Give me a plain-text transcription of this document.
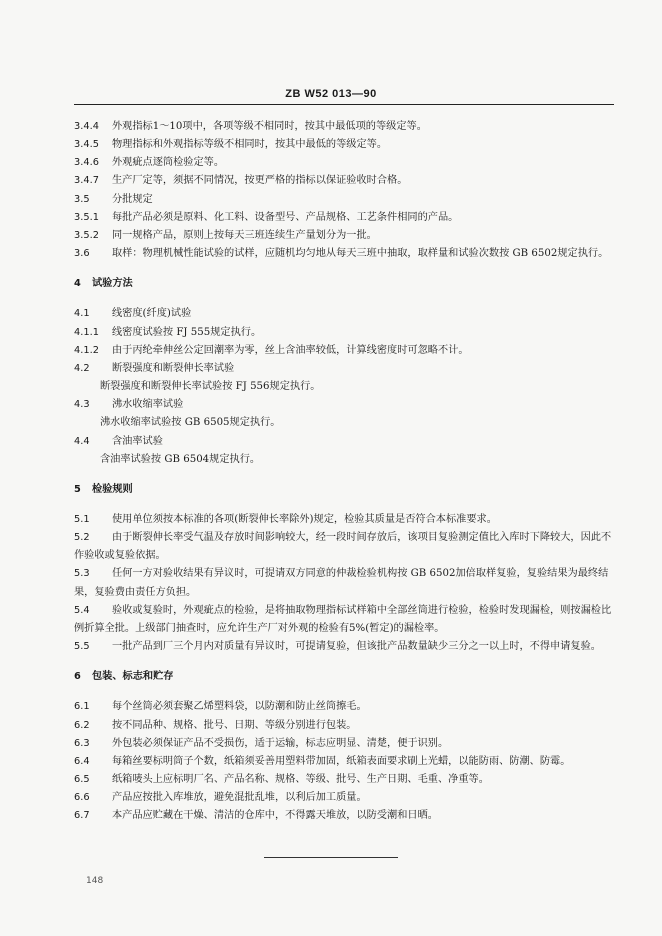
ZB W52 013—90
3.4.4 外观指标1～10项中，各项等级不相同时，按其中最低项的等级定等。
3.4.5 物理指标和外观指标等级不相同时，按其中最低的等级定等。
3.4.6 外观疵点逐筒检验定等。
3.4.7 生产厂定等，须据不同情况，按更严格的指标以保证验收时合格。
3.5 分批规定
3.5.1 每批产品必须是原料、化工料、设备型号、产品规格、工艺条件相同的产品。
3.5.2 同一规格产品，原则上按每天三班连续生产量划分为一批。
3.6 取样：物理机械性能试验的试样，应随机均匀地从每天三班中抽取，取样量和试验次数按 GB 6502规定执行。
4 试验方法
4.1 线密度(纤度)试验
4.1.1 线密度试验按 FJ 555规定执行。
4.1.2 由于丙纶牵伸丝公定回潮率为零，丝上含油率较低，计算线密度时可忽略不计。
4.2 断裂强度和断裂伸长率试验
断裂强度和断裂伸长率试验按 FJ 556规定执行。
4.3 沸水收缩率试验
沸水收缩率试验按 GB 6505规定执行。
4.4 含油率试验
含油率试验按 GB 6504规定执行。
5 检验规则
5.1 使用单位须按本标准的各项(断裂伸长率除外)规定，检验其质量是否符合本标准要求。
5.2 由于断裂伸长率受气温及存放时间影响较大，经一段时间存放后，该项目复验测定值比入库时下降较大，因此不作验收或复验依据。
5.3 任何一方对验收结果有异议时，可提请双方同意的仲裁检验机构按 GB 6502加倍取样复验，复验结果为最终结果，复验费由责任方负担。
5.4 验收或复验时，外观疵点的检验，是将抽取物理指标试样箱中全部丝筒进行检验，检验时发现漏检，则按漏检比例折算全批。上级部门抽查时，应允许生产厂对外观的检验有5%(暂定)的漏检率。
5.5 一批产品到厂三个月内对质量有异议时，可提请复验，但该批产品数量缺少三分之一以上时，不得申请复验。
6 包装、标志和贮存
6.1 每个丝筒必须套聚乙烯塑料袋，以防潮和防止丝筒擦毛。
6.2 按不同品种、规格、批号、日期、等级分别进行包装。
6.3 外包装必须保证产品不受损伤，适于运输，标志应明显、清楚，便于识别。
6.4 每箱丝要标明筒子个数，纸箱须妥善用塑料带加固，纸箱表面要求刷上光蜡，以能防雨、防潮、防霉。
6.5 纸箱唛头上应标明厂名、产品名称、规格、等级、批号、生产日期、毛重、净重等。
6.6 产品应按批入库堆放，避免混批乱堆，以利后加工质量。
6.7 本产品应贮藏在干燥、清洁的仓库中，不得露天堆放，以防受潮和日晒。
148
